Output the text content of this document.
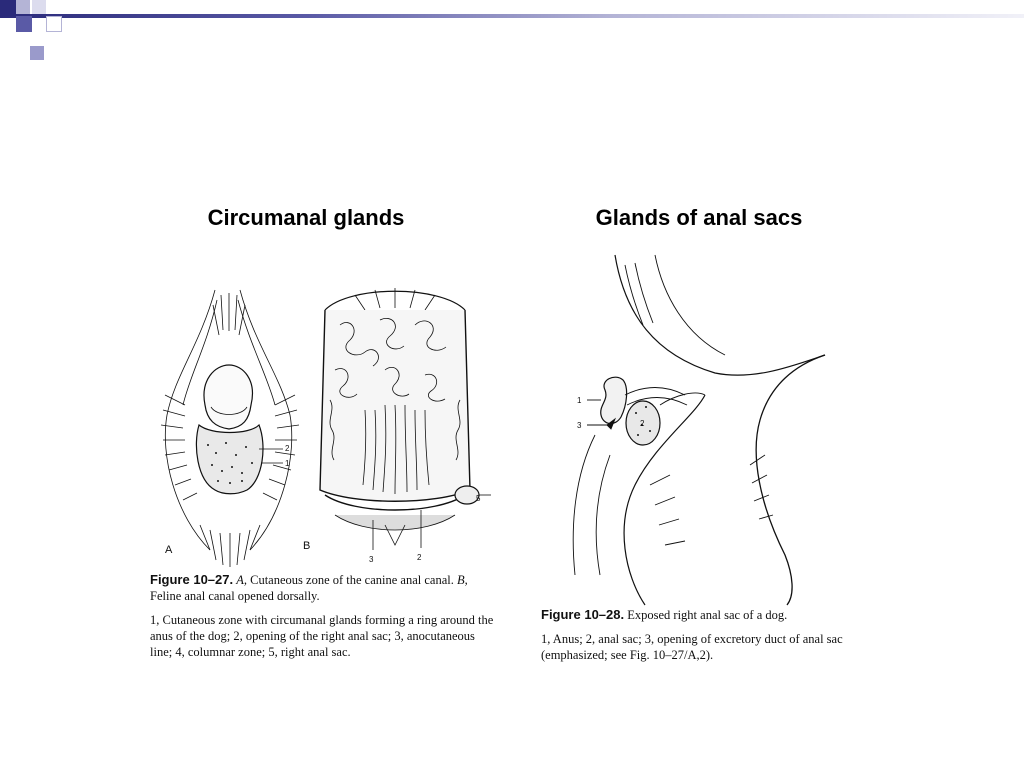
Circumanal glands	Glands of anal sacs
2
1
A
5
3	2
B

Figure 10–27. A, Cutaneous zone of the canine anal canal. B, Feline anal canal opened dorsally.

1, Cutaneous zone with circumanal glands forming a ring around the anus of the dog; 2, opening of the right anal sac; 3, anocutaneous line; 4, columnar zone; 5, right anal sac.

1
3	2

Figure 10–28. Exposed right anal sac of a dog.

1, Anus; 2, anal sac; 3, opening of excretory duct of anal sac (emphasized; see Fig. 10–27/A,2).
